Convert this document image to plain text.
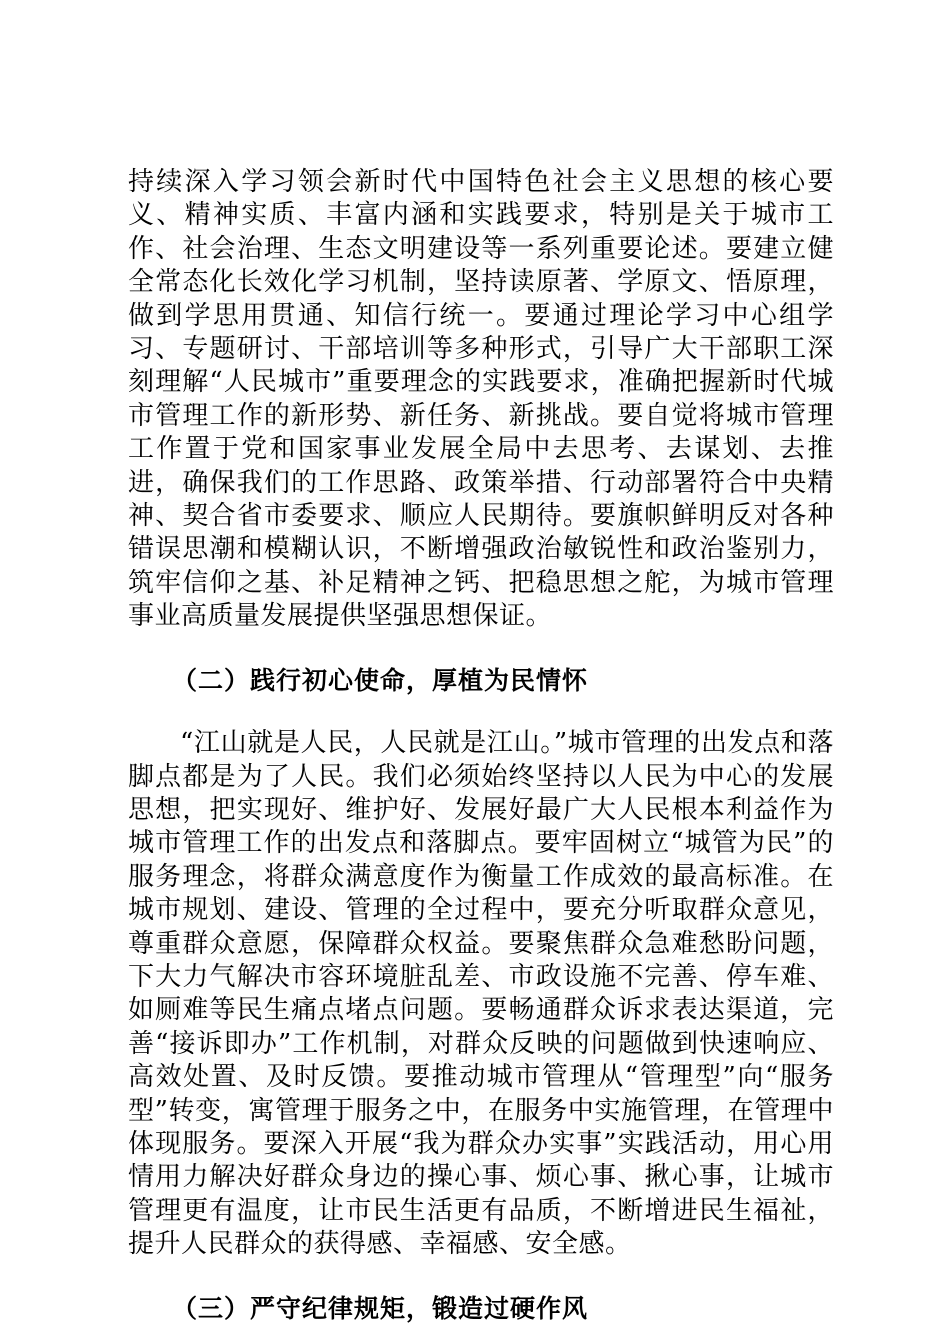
持续深入学习领会新时代中国特色社会主义思想的核心要义、精神实质、丰富内涵和实践要求，特别是关于城市工作、社会治理、生态文明建设等一系列重要论述。要建立健全常态化长效化学习机制，坚持读原著、学原文、悟原理，做到学思用贯通、知信行统一。要通过理论学习中心组学习、专题研讨、干部培训等多种形式，引导广大干部职工深刻理解“人民城市”重要理念的实践要求，准确把握新时代城市管理工作的新形势、新任务、新挑战。要自觉将城市管理工作置于党和国家事业发展全局中去思考、去谋划、去推进，确保我们的工作思路、政策举措、行动部署符合中央精神、契合省市委要求、顺应人民期待。要旗帜鲜明反对各种错误思潮和模糊认识，不断增强政治敏锐性和政治鉴别力，筑牢信仰之基、补足精神之钙、把稳思想之舵，为城市管理事业高质量发展提供坚强思想保证。

（二）践行初心使命，厚植为民情怀

“江山就是人民，人民就是江山。”城市管理的出发点和落脚点都是为了人民。我们必须始终坚持以人民为中心的发展思想，把实现好、维护好、发展好最广大人民根本利益作为城市管理工作的出发点和落脚点。要牢固树立“城管为民”的服务理念，将群众满意度作为衡量工作成效的最高标准。在城市规划、建设、管理的全过程中，要充分听取群众意见，尊重群众意愿，保障群众权益。要聚焦群众急难愁盼问题，下大力气解决市容环境脏乱差、市政设施不完善、停车难、如厕难等民生痛点堵点问题。要畅通群众诉求表达渠道，完善“接诉即办”工作机制，对群众反映的问题做到快速响应、高效处置、及时反馈。要推动城市管理从“管理型”向“服务型”转变，寓管理于服务之中，在服务中实施管理，在管理中体现服务。要深入开展“我为群众办实事”实践活动，用心用情用力解决好群众身边的操心事、烦心事、揪心事，让城市管理更有温度，让市民生活更有品质，不断增进民生福祉，提升人民群众的获得感、幸福感、安全感。

（三）严守纪律规矩，锻造过硬作风
